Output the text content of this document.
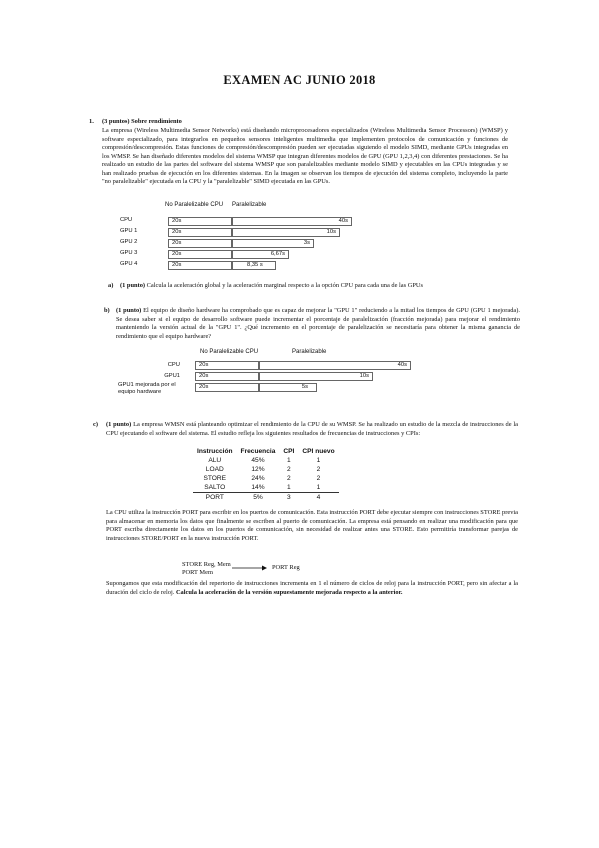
EXAMEN AC JUNIO 2018
1. (3 puntos) Sobre rendimiento
La empresa (Wireless Multimedia Sensor Networks) está diseñando microprocesadores especializados (Wireless Multimedia Sensor Processors) (WMSP) y software especializado, para integrarlos en pequeños sensores inteligentes multimedia que implementen protocolos de comunicación y funciones de compresión/descompresión. Estas funciones de compresión/descompresión pueden ser ejecutadas siguiendo el modelo SIMD, mediante GPUs integradas en los WMSP. Se han diseñado diferentes modelos del sistema WMSP que integran diferentes modelos de GPU (GPU 1,2,3,4) con diferentes prestaciones. Se ha realizado un estudio de las partes del software del sistema WMSP que son paralelizables mediante modelo SIMD y ejecutables en las CPUs integradas y se han realizado pruebas de ejecución en los diferentes sistemas. En la imagen se observan los tiempos de ejecución del sistema completo, incluyendo la parte "no paralelizable" ejecutada en la CPU y la "paralelizable" SIMD ejecutada en las GPUs.
No Paralelizable CPU Paralelizable
CPU	20s	40s
GPU 1	20s	10s
GPU 2	20s	3s
GPU 3	20s	6,67s
GPU 4	20s	8,35 s
a) (1 punto) Calcula la aceleración global y la aceleración marginal respecto a la opción CPU para cada una de las GPUs
b) (1 punto) El equipo de diseño hardware ha comprobado que es capaz de mejorar la "GPU 1" reduciendo a la mitad los tiempos de GPU (GPU 1 mejorada). Se desea saber si el equipo de desarrollo software puede incrementar el porcentaje de paralelización (fracción mejorada) para mejorar el rendimiento manteniendo la versión actual de la "GPU 1". ¿Qué incremento en el porcentaje de paralelización se necesitaría para obtener la misma ganancia de rendimiento que el equipo hardware?
No Paralelizable CPU	Paralelizable
CPU	20s	40s
GPU1	20s	10s
GPU1 mejorada por el equipo hardware
20s	5s
c) (1 punto) La empresa WMSN está planteando optimizar el rendimiento de la CPU de su WMSP. Se ha realizado un estudio de la mezcla de instrucciones de la CPU ejecutando el software del sistema. El estudio refleja los siguientes resultados de frecuencias de instrucciones y CPIs:
Instrucción	Frecuencia	CPI	CPI nuevo
ALU	45%	1	1
LOAD	12%	2	2
STORE	24%	2	2
SALTO	14%	1	1
PORT	5%	3	4
La CPU utiliza la instrucción PORT para escribir en los puertos de comunicación. Esta instrucción PORT debe ejecutar siempre con instrucciones STORE previa para almacenar en memoria los datos que finalmente se escriben al puerto de comunicación. La empresa está pensando en realizar una modificación para que PORT escriba directamente los datos en los puertos de comunicación, sin necesidad de realizar antes una STORE. Esto permitiría transformar parejas de instrucciones STORE/PORT en la nueva instrucción PORT.
STORE Reg, Mem
PORT Mem
PORT Reg
Supongamos que esta modificación del repertorio de instrucciones incrementa en 1 el número de ciclos de reloj para la instrucción PORT, pero sin afectar a la duración del ciclo de reloj. Calcula la aceleración de la versión supuestamente mejorada respecto a la anterior.
